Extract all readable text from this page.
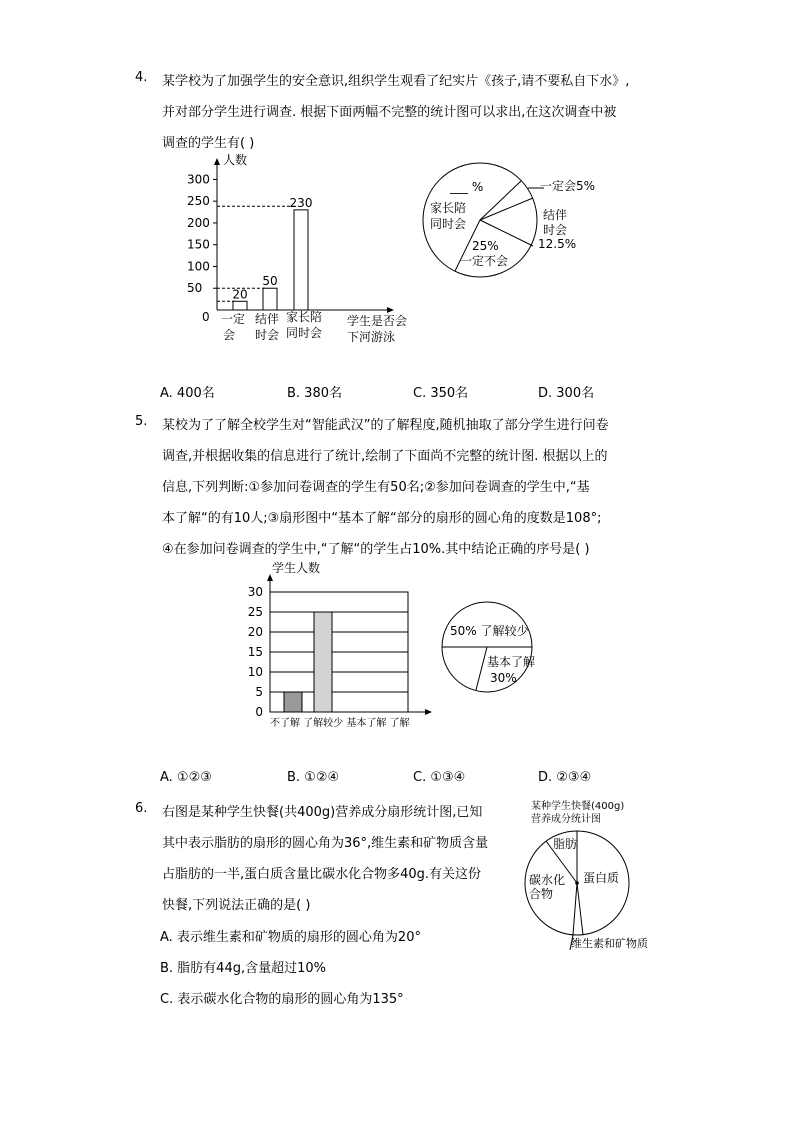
4. 某学校为了加强学生的安全意识,组织学生观看了纪实片《孩子,请不要私自下水》,
并对部分学生进行调查. 根据下面两幅不完整的统计图可以求出,在这次调查中被
调查的学生有( )
人数
50
100
150
200
250
300
20
50
230
0 一定
会
结伴
时会
家长陪
同时会
学生是否会
下河游泳
___ %
家长陪
同时会
一定会5%
结伴
时会
12.5%
25%
一定不会
A. 400名	B. 380名	C. 350名	D. 300名
5. 某校为了了解全校学生对“智能武汉”的了解程度,随机抽取了部分学生进行问卷
调查,并根据收集的信息进行了统计,绘制了下面尚不完整的统计图. 根据以上的
信息,下列判断:①参加问卷调查的学生有50名;②参加问卷调查的学生中,“基
本了解“的有10人;③扇形图中“基本了解“部分的扇形的圆心角的度数是108°;
④在参加问卷调查的学生中,“了解“的学生占10%.其中结论正确的序号是( )
学生人数
0
5
10
15
20
25
30
不了解 了解较少 基本了解 了解
50% 了解较少
基本了解
30%
A. ①②③	B. ①②④	C. ①③④	D. ②③④
6. 右图是某种学生快餐(共400g)营养成分扇形统计图,已知
其中表示脂肪的扇形的圆心角为36°,维生素和矿物质含量
占脂肪的一半,蛋白质含量比碳水化合物多40g.有关这份
快餐,下列说法正确的是( )
A. 表示维生素和矿物质的扇形的圆心角为20°
B. 脂肪有44g,含量超过10%
C. 表示碳水化合物的扇形的圆心角为135°
某种学生快餐(400g)
营养成分统计图
脂肪
蛋白质
碳水化
合物
维生素和矿物质
